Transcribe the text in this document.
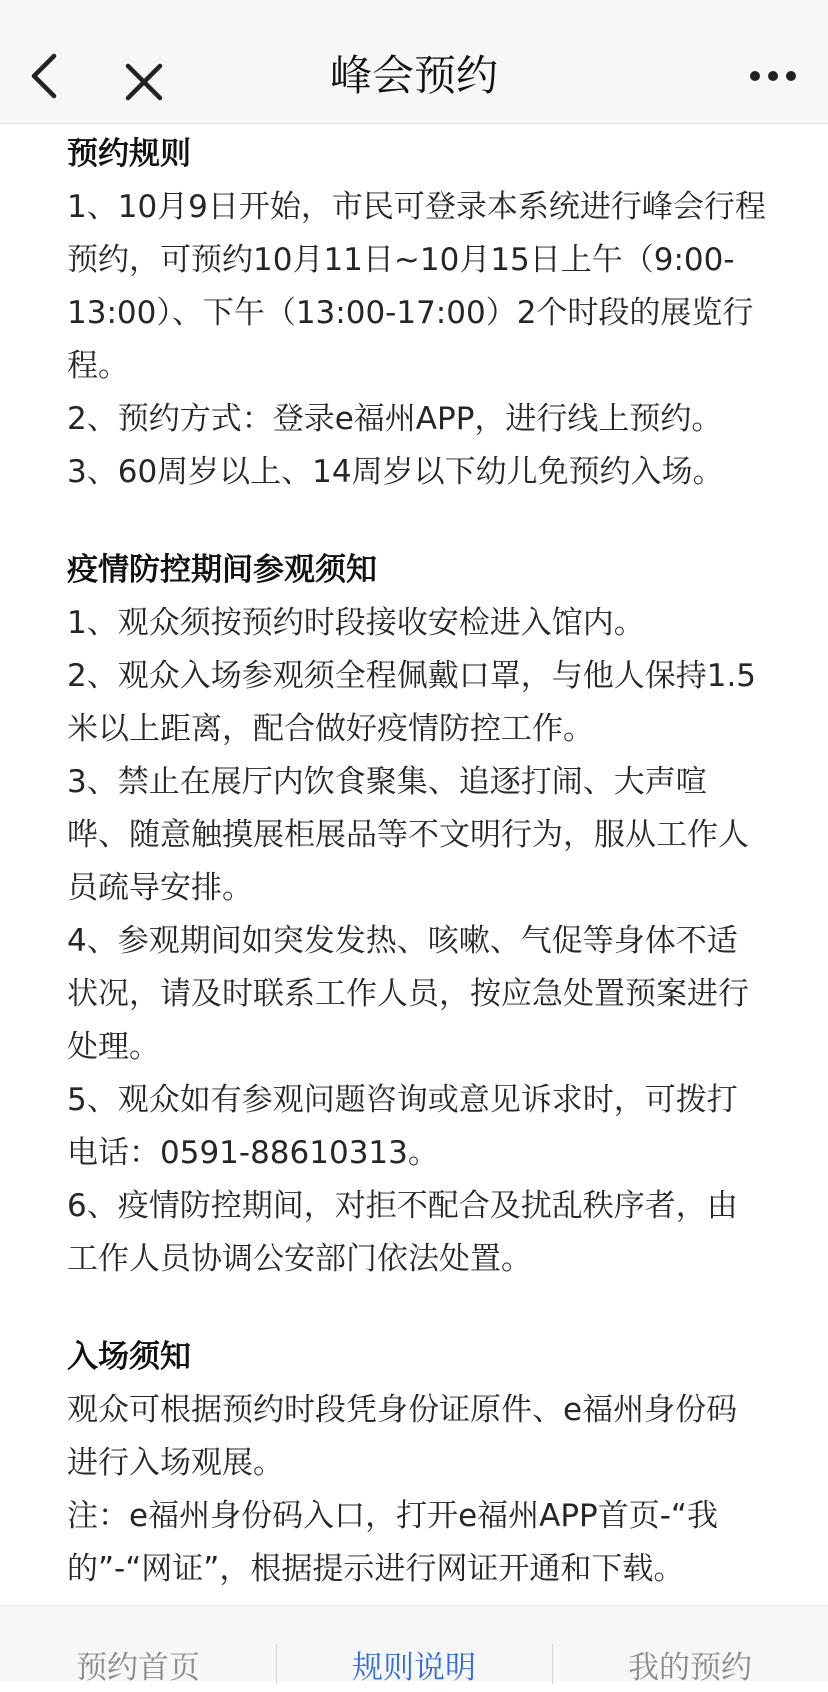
峰会预约
预约规则

1、10月9日开始，市民可登录本系统进行峰会行程预约，可预约10月11日~10月15日上午（9:00-13:00）、下午（13:00-17:00）2个时段的展览行程。

2、预约方式：登录e福州APP，进行线上预约。

3、60周岁以上、14周岁以下幼儿免预约入场。

疫情防控期间参观须知

1、观众须按预约时段接收安检进入馆内。

2、观众入场参观须全程佩戴口罩，与他人保持1.5米以上距离，配合做好疫情防控工作。

3、禁止在展厅内饮食聚集、追逐打闹、大声喧哗、随意触摸展柜展品等不文明行为，服从工作人员疏导安排。

4、参观期间如突发发热、咳嗽、气促等身体不适状况，请及时联系工作人员，按应急处置预案进行处理。

5、观众如有参观问题咨询或意见诉求时，可拨打电话：0591-88610313。

6、疫情防控期间，对拒不配合及扰乱秩序者，由工作人员协调公安部门依法处置。

入场须知

观众可根据预约时段凭身份证原件、e福州身份码进行入场观展。

注：e福州身份码入口，打开e福州APP首页-“我的”-“网证”，根据提示进行网证开通和下载。

预约首页	规则说明	我的预约
